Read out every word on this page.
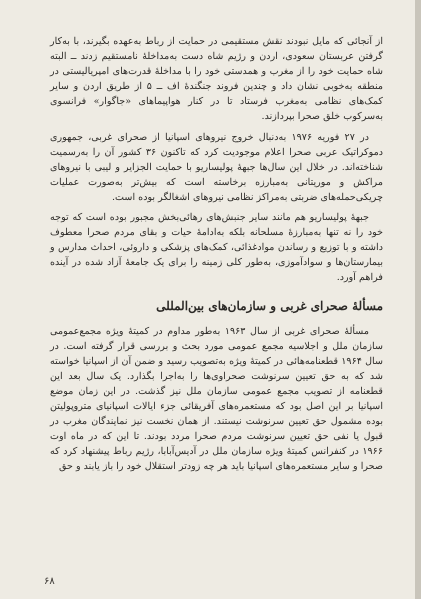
از آنجائی که مایل نبودند نقش مستقیمی در حمایت از رباط به‌عهده بگیرند، با به‌کار گرفتن عربستان سعودی، اردن و رژیم شاه دست به‌مداخلهٔ نامستقیم زدند ــ البته شاه حمایت خود را از مغرب و همدستی خود را با مداخلهٔ قدرت‌های امپریالیستی در منطقه به‌خوبی نشان داد و چندین فروند جنگندهٔ اف ــ ۵ از طریق اردن و سایر کمک‌های نظامی به‌مغرب فرستاد تا در کنار هواپیماهای «جاگوار» فرانسوی به‌سرکوب خلق صحرا بپردازند.

در ۲۷ فوریه ۱۹۷۶ به‌دنبال خروج نیروهای اسپانیا از صحرای غربی، جمهوری دموکراتیک عربی صحرا اعلام موجودیت کرد که تاکنون ۳۶ کشور آن را به‌رسمیت شناخته‌اند. در خلال این سال‌ها جبههٔ پولیساریو با حمایت الجزایر و لیبی با نیروهای مراکش و موریتانی به‌مبارزه برخاسته است که بیش‌تر به‌صورت عملیات چریکی‌حمله‌های ضربتی به‌مراکز نظامی نیروهای اشغالگر بوده است.

جبههٔ پولیساریو هم مانند سایر جنبش‌های رهائی‌بخش مجبور بوده است که توجه خود را نه تنها به‌مبارزهٔ مسلحانه بلکه به‌ادامهٔ حیات و بقای مردم صحرا معطوف داشته و با توزیع و رساندن موادغذائی، کمک‌های پزشکی و داروئی، احداث مدارس و بیمارستان‌ها و سوادآموزی، به‌طور کلی زمینه را برای یک جامعهٔ آزاد شده در آینده فراهم آورد.

مسألهٔ صحرای غربی و سازمان‌های بین‌المللی

مسألهٔ صحرای غربی از سال ۱۹۶۳ به‌طور مداوم در کمیتهٔ ویژه مجمع‌عمومی سازمان ملل و اجلاسیه مجمع عمومی مورد بحث و بررسی قرار گرفته است. در سال ۱۹۶۴ قطعنامه‌هائی در کمیتهٔ ویژه به‌تصویب رسید و ضمن آن از اسپانیا خواسته شد که به حق تعیین سرنوشت صحراوی‌ها را به‌اجرا بگذارد. یک سال بعد این قطعنامه از تصویب مجمع عمومی سازمان ملل نیز گذشت. در این زمان موضع اسپانیا بر این اصل بود که مستعمره‌های آفریقائی جزء ایالات اسپانیای متروپولیتن بوده مشمول حق تعیین سرنوشت نیستند. از همان نخست نیز نمایندگان مغرب در قبول یا نفی حق تعیین سرنوشت مردم صحرا مردد بودند. تا این که در ماه اوت ۱۹۶۶ در کنفرانس کمیتهٔ ویژه سازمان ملل در آدیس‌آبابا، رژیم رباط پیشنهاد کرد که صحرا و سایر مستعمره‌های اسپانیا باید هر چه زودتر استقلال خود را باز یابند و حق

۶۸
